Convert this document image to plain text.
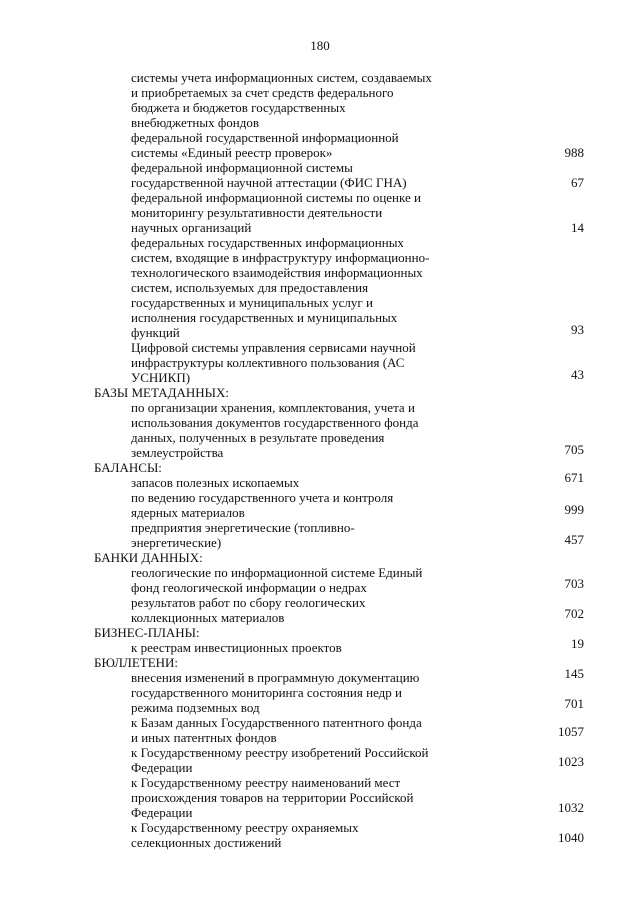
180
системы учета информационных систем, создаваемых
и приобретаемых за счет средств федерального
бюджета и бюджетов государственных
внебюджетных фондов
федеральной государственной информационной
системы «Единый реестр проверок»
федеральной информационной системы
государственной научной аттестации (ФИС ГНА)
федеральной информационной системы по оценке и
мониторингу результативности деятельности
научных организаций
федеральных государственных информационных
систем, входящие в инфраструктуру информационно-
технологического взаимодействия информационных
систем, используемых для предоставления
государственных и муниципальных услуг и
исполнения государственных и муниципальных
функций
Цифровой системы управления сервисами научной
инфраструктуры коллективного пользования (АС
УСНИКП)
БАЗЫ МЕТАДАННЫХ:
по организации хранения, комплектования, учета и
использования документов государственного фонда
данных, полученных в результате проведения
землеустройства
БАЛАНСЫ:
запасов полезных ископаемых
по ведению государственного учета и контроля
ядерных материалов
предприятия энергетические (топливно-
энергетические)
БАНКИ ДАННЫХ:
геологические по информационной системе Единый
фонд геологической информации о недрах
результатов работ по сбору геологических
коллекционных материалов
БИЗНЕС-ПЛАНЫ:
к реестрам инвестиционных проектов
БЮЛЛЕТЕНИ:
внесения изменений в программную документацию
государственного мониторинга состояния недр и
режима подземных вод
к Базам данных Государственного патентного фонда
и иных патентных фондов
к Государственному реестру изобретений Российской
Федерации
к Государственному реестру наименований мест
происхождения товаров на территории Российской
Федерации
к Государственному реестру охраняемых
селекционных достижений
988
67
14
93
43
705
671
999
457
703
702
19
145
701
1057
1023
1032
1040
